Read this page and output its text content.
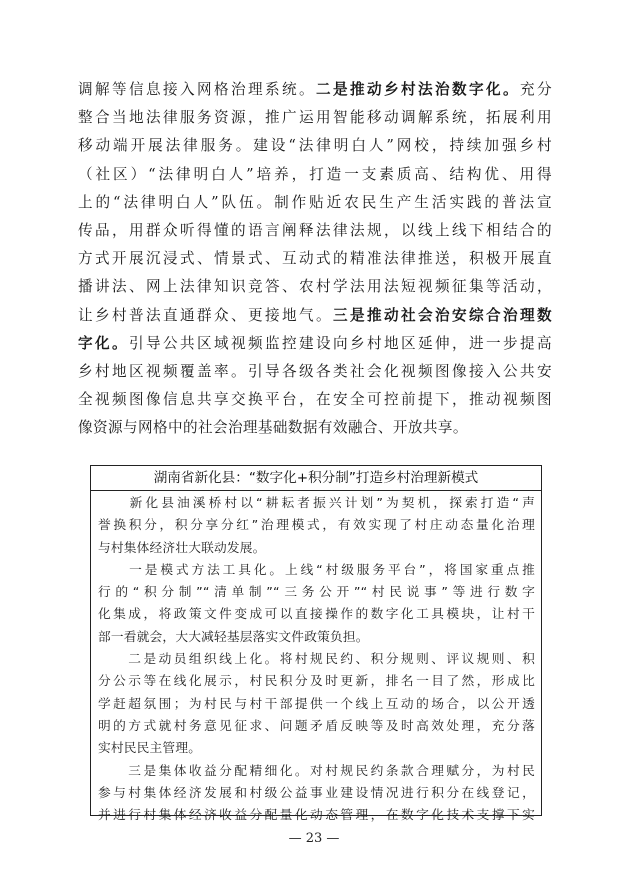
调解等信息接入网格治理系统。二是推动乡村法治数字化。充分
整合当地法律服务资源，推广运用智能移动调解系统，拓展利用
移动端开展法律服务。建设“法律明白人”网校，持续加强乡村
（社区）“法律明白人”培养，打造一支素质高、结构优、用得
上的“法律明白人”队伍。制作贴近农民生产生活实践的普法宣
传品，用群众听得懂的语言阐释法律法规，以线上线下相结合的
方式开展沉浸式、情景式、互动式的精准法律推送，积极开展直
播讲法、网上法律知识竞答、农村学法用法短视频征集等活动，
让乡村普法直通群众、更接地气。三是推动社会治安综合治理数
字化。引导公共区域视频监控建设向乡村地区延伸，进一步提高
乡村地区视频覆盖率。引导各级各类社会化视频图像接入公共安
全视频图像信息共享交换平台，在安全可控前提下，推动视频图
像资源与网格中的社会治理基础数据有效融合、开放共享。
湖南省新化县：“数字化+积分制”打造乡村治理新模式
　　新化县油溪桥村以“耕耘者振兴计划”为契机，探索打造“声
誉换积分，积分享分红”治理模式，有效实现了村庄动态量化治理
与村集体经济壮大联动发展。
　　一是模式方法工具化。上线“村级服务平台”，将国家重点推
行的“积分制”“清单制”“三务公开”“村民说事”等进行数字
化集成，将政策文件变成可以直接操作的数字化工具模块，让村干
部一看就会，大大减轻基层落实文件政策负担。
　　二是动员组织线上化。将村规民约、积分规则、评议规则、积
分公示等在线化展示，村民积分及时更新，排名一目了然，形成比
学赶超氛围；为村民与村干部提供一个线上互动的场合，以公开透
明的方式就村务意见征求、问题矛盾反映等及时高效处理，充分落
实村民民主管理。
　　三是集体收益分配精细化。对村规民约条款合理赋分，为村民
参与村集体经济发展和村级公益事业建设情况进行积分在线登记，
并进行村集体经济收益分配量化动态管理，在数字化技术支撑下实
— 23 —
